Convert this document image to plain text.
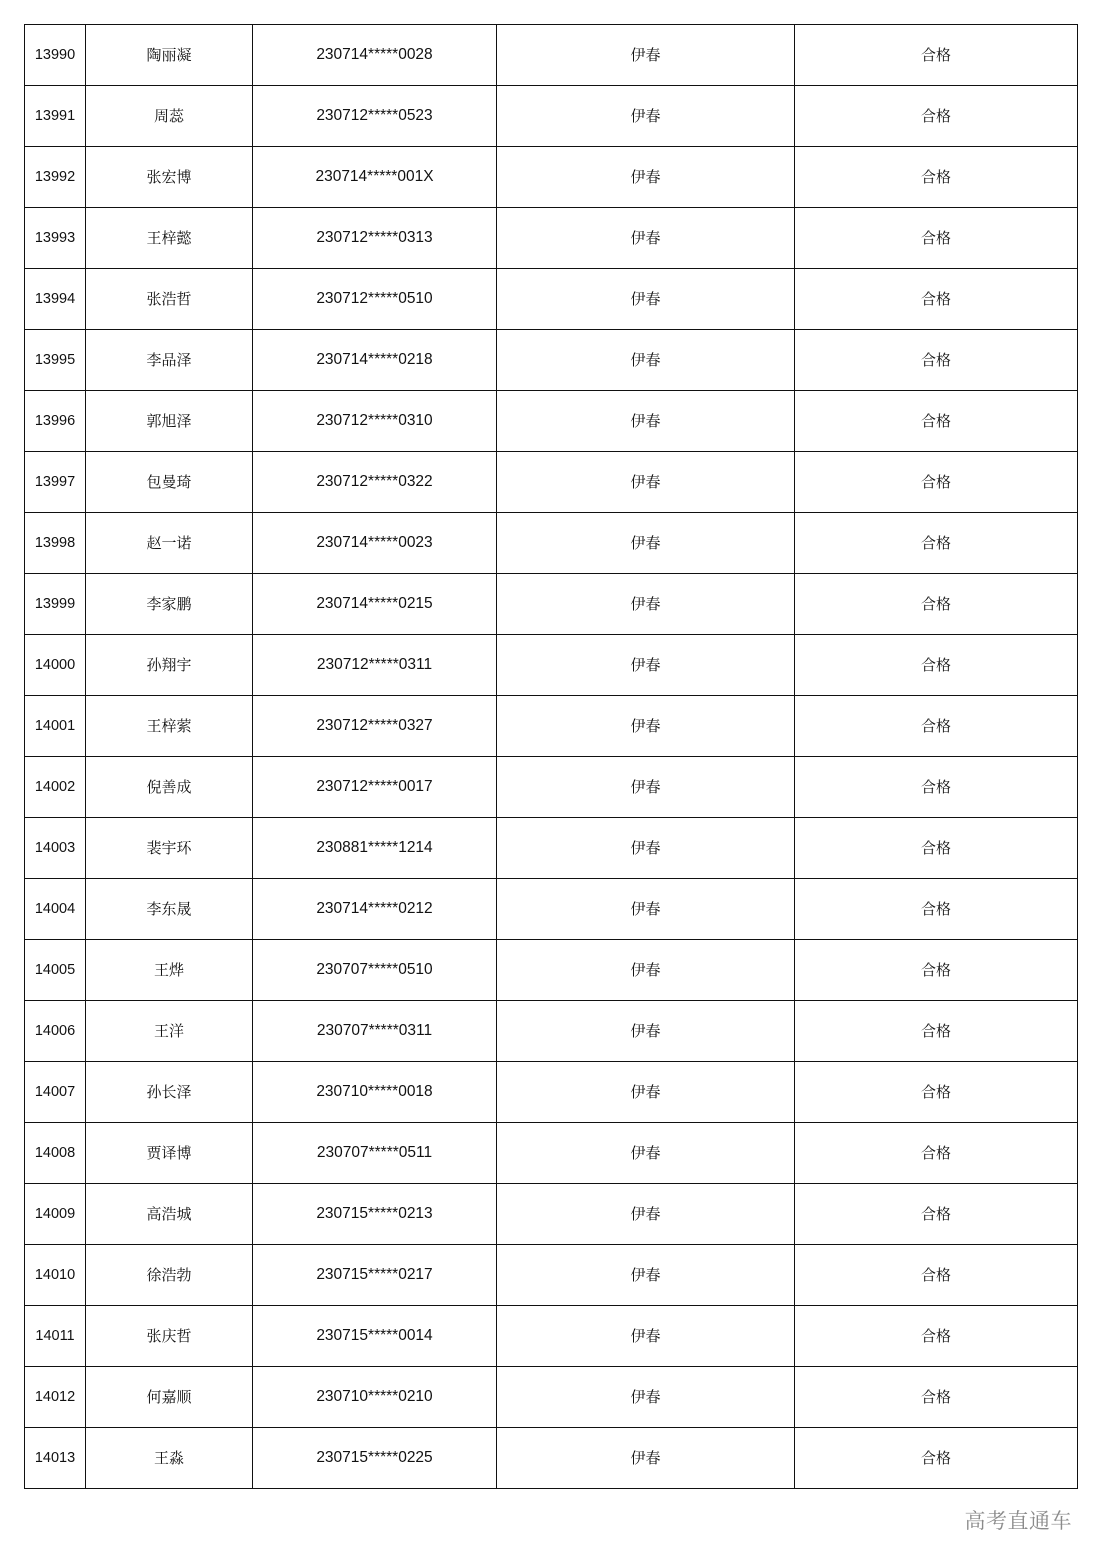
13990	陶丽凝	230714*****0028	伊春	合格
13991	周蕊	230712*****0523	伊春	合格
13992	张宏博	230714*****001X	伊春	合格
13993	王梓懿	230712*****0313	伊春	合格
13994	张浩哲	230712*****0510	伊春	合格
13995	李品泽	230714*****0218	伊春	合格
13996	郭旭泽	230712*****0310	伊春	合格
13997	包曼琦	230712*****0322	伊春	合格
13998	赵一诺	230714*****0023	伊春	合格
13999	李家鹏	230714*****0215	伊春	合格
14000	孙翔宇	230712*****0311	伊春	合格
14001	王梓萦	230712*****0327	伊春	合格
14002	倪善成	230712*****0017	伊春	合格
14003	裴宇环	230881*****1214	伊春	合格
14004	李东晟	230714*****0212	伊春	合格
14005	王烨	230707*****0510	伊春	合格
14006	王洋	230707*****0311	伊春	合格
14007	孙长泽	230710*****0018	伊春	合格
14008	贾译博	230707*****0511	伊春	合格
14009	高浩城	230715*****0213	伊春	合格
14010	徐浩勃	230715*****0217	伊春	合格
14011	张庆哲	230715*****0014	伊春	合格
14012	何嘉顺	230710*****0210	伊春	合格
14013	王淼	230715*****0225	伊春	合格
高考直通车
